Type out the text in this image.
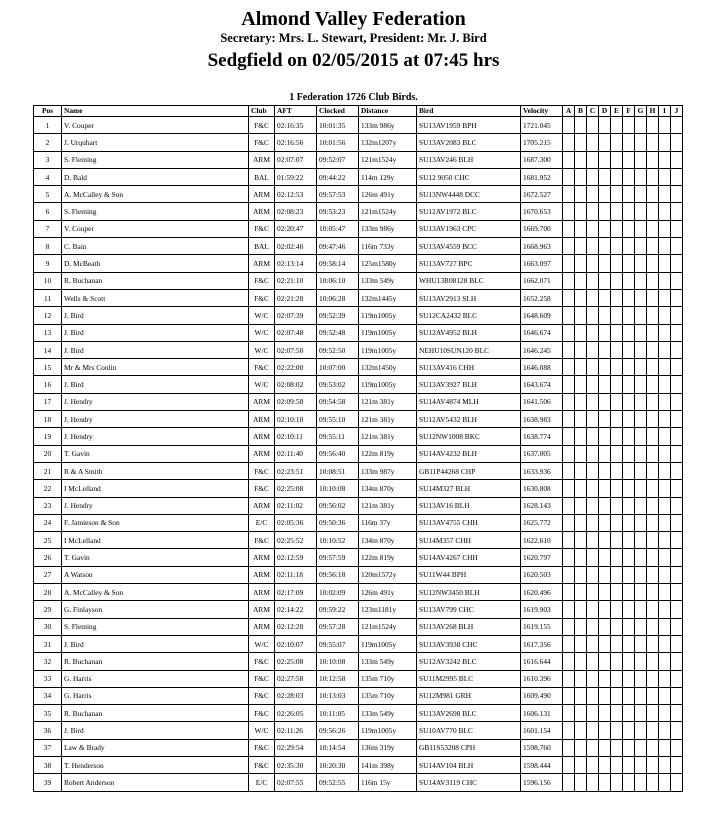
Almond Valley Federation
Secretary: Mrs. L. Stewart, President: Mr. J. Bird
Sedgfield on 02/05/2015 at 07:45 hrs
1 Federation 1726 Club Birds.
Pos	Name	Club	AFT	Clocked	Distance	Bird	Velocity	A	B	C	D	E	F	G	H	I	J
1	V. Couper	F&C	02:16:35	10:01:35	133m 986y	SU13AV1959 BPH	1721.045										
2	J. Urquhart	F&C	02:16:56	10:01:56	132m1207y	SU13AV2083 BLC	1705.215										
3	S. Fleming	ARM	02:07:07	09:52:07	121m1524y	SU13AV246 BLH	1687.300										
4	D. Bald	BAL	01:59:22	09:44:22	114m 129y	SU12 9050 CHC	1681.952										
5	A. McCalley & Son	ARM	02:12:53	09:57:53	126m 491y	SU13NW4448 DCC	1672.527										
6	S. Fleming	ARM	02:08:23	09:53:23	121m1524y	SU12AV1972 BLC	1670.653										
7	V. Couper	F&C	02:20:47	10:05:47	133m 986y	SU13AV1963 CPC	1669.700										
8	C. Bain	BAL	02:02:46	09:47:46	116m 733y	SU13AV4559 BCC	1668.963										
9	D. McBeath	ARM	02:13:14	09:58:14	125m1580y	SU13AV727 BPC	1663.097										
10	R. Buchanan	F&C	02:21:10	10:06:10	133m 549y	WHU13R08128 BLC	1662.071										
11	Wells & Scott	F&C	02:21:28	10:06:28	132m1445y	SU13AV2913 SLH	1652.258										
12	J. Bird	W/C	02:07:39	09:52:39	119m1005y	SU12CA2432 BLC	1648.609										
13	J. Bird	W/C	02:07:48	09:52:48	119m1005y	SU12AV4952 BLH	1646.674										
14	J. Bird	W/C	02:07:50	09:52:50	119m1005y	NEHU10SUN120 BLC	1646.245										
15	Mr & Mrs Conlin	F&C	02:22:00	10:07:00	132m1450y	SU13AV416 CHH	1646.088										
16	J. Bird	W/C	02:08:02	09:53:02	119m1005y	SU13AV3927 BLH	1643.674										
17	J. Hendry	ARM	02:09:58	09:54:58	121m 381y	SU14AV4874 MLH	1641.506										
18	J. Hendry	ARM	02:10:10	09:55:10	121m 381y	SU12AV5432 BLH	1638.983										
19	J. Hendry	ARM	02:10:11	09:55:11	121m 381y	SU12NW1008 BKC	1638.774										
20	T. Gavin	ARM	02:11:40	09:56:40	122m 819y	SU14AV4232 BLH	1637.005										
21	R & A Smith	F&C	02:23:51	10:08:51	133m 987y	GB11P44268 CHP	1633.936										
22	I McLelland	F&C	02:25:08	10:10:08	134m 870y	SU14M327 BLH	1630.808										
23	J. Hendry	ARM	02:11:02	09:56:02	121m 381y	SU13AV16 BLH	1628.143										
24	F. Jamieson & Son	E/C	02:05:36	09:50:36	116m 37y	SU13AV4755 CHH	1625.772										
25	I McLelland	F&C	02:25:52	10:10:52	134m 870y	SU14M357 CHH	1622.610										
26	T. Gavin	ARM	02:12:59	09:57:59	122m 819y	SU14AV4267 CHH	1620.797										
27	A Watson	ARM	02:11:18	09:56:18	120m1572y	SU11W44 BPH	1620.503										
28	A. McCalley & Son	ARM	02:17:09	10:02:09	126m 491y	SU12NW3450 BLH	1620.496										
29	G. Finlayson	ARM	02:14:22	09:59:22	123m1181y	SU13AV799 CHC	1619.903										
30	S. Fleming	ARM	02:12:28	09:57:28	121m1524y	SU13AV268 BLH	1619.155										
31	J. Bird	W/C	02:10:07	09:55:07	119m1005y	SU13AV3938 CHC	1617.356										
32	R. Buchanan	F&C	02:25:08	10:10:08	133m 549y	SU12AV3242 BLC	1616.644										
33	G. Harris	F&C	02:27:58	10:12:58	135m 710y	SU11M2995 BLC	1610.396										
34	G. Harris	F&C	02:28:03	10:13:03	135m 710y	SU12M981 GRH	1609.490										
35	R. Buchanan	F&C	02:26:05	10:11:05	133m 549y	SU13AV2698 BLC	1606.131										
36	J. Bird	W/C	02:11:26	09:56:26	119m1005y	SU10AV770 BLC	1601.154										
37	Law & Brady	F&C	02:29:54	10:14:54	136m 319y	GB11S53208 CPH	1598.760										
38	T. Henderson	F&C	02:35:30	10:20:30	141m 398y	SU14AV104 BLH	1598.444										
39	Robert Anderson	E/C	02:07:55	09:52:55	116m 15y	SU14AV3119 CHC	1596.156										
